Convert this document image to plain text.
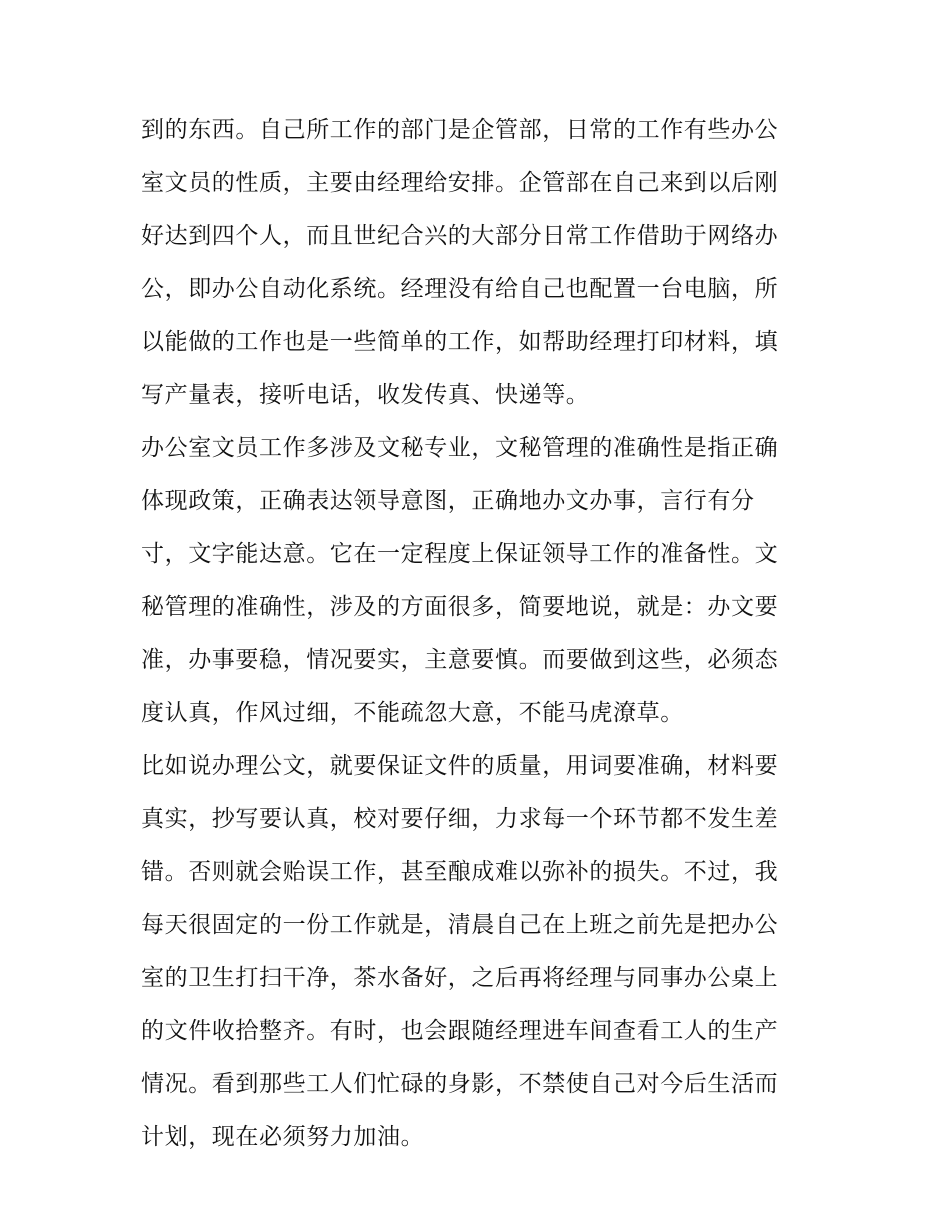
到的东西。自己所工作的部门是企管部，日常的工作有些办公
室文员的性质，主要由经理给安排。企管部在自己来到以后刚
好达到四个人，而且世纪合兴的大部分日常工作借助于网络办
公，即办公自动化系统。经理没有给自己也配置一台电脑，所
以能做的工作也是一些简单的工作，如帮助经理打印材料，填
写产量表，接听电话，收发传真、快递等。
办公室文员工作多涉及文秘专业，文秘管理的准确性是指正确
体现政策，正确表达领导意图，正确地办文办事，言行有分
寸，文字能达意。它在一定程度上保证领导工作的准备性。文
秘管理的准确性，涉及的方面很多，简要地说，就是：办文要
准，办事要稳，情况要实，主意要慎。而要做到这些，必须态
度认真，作风过细，不能疏忽大意，不能马虎潦草。
比如说办理公文，就要保证文件的质量，用词要准确，材料要
真实，抄写要认真，校对要仔细，力求每一个环节都不发生差
错。否则就会贻误工作，甚至酿成难以弥补的损失。不过，我
每天很固定的一份工作就是，清晨自己在上班之前先是把办公
室的卫生打扫干净，茶水备好，之后再将经理与同事办公桌上
的文件收拾整齐。有时，也会跟随经理进车间查看工人的生产
情况。看到那些工人们忙碌的身影，不禁使自己对今后生活而
计划，现在必须努力加油。
